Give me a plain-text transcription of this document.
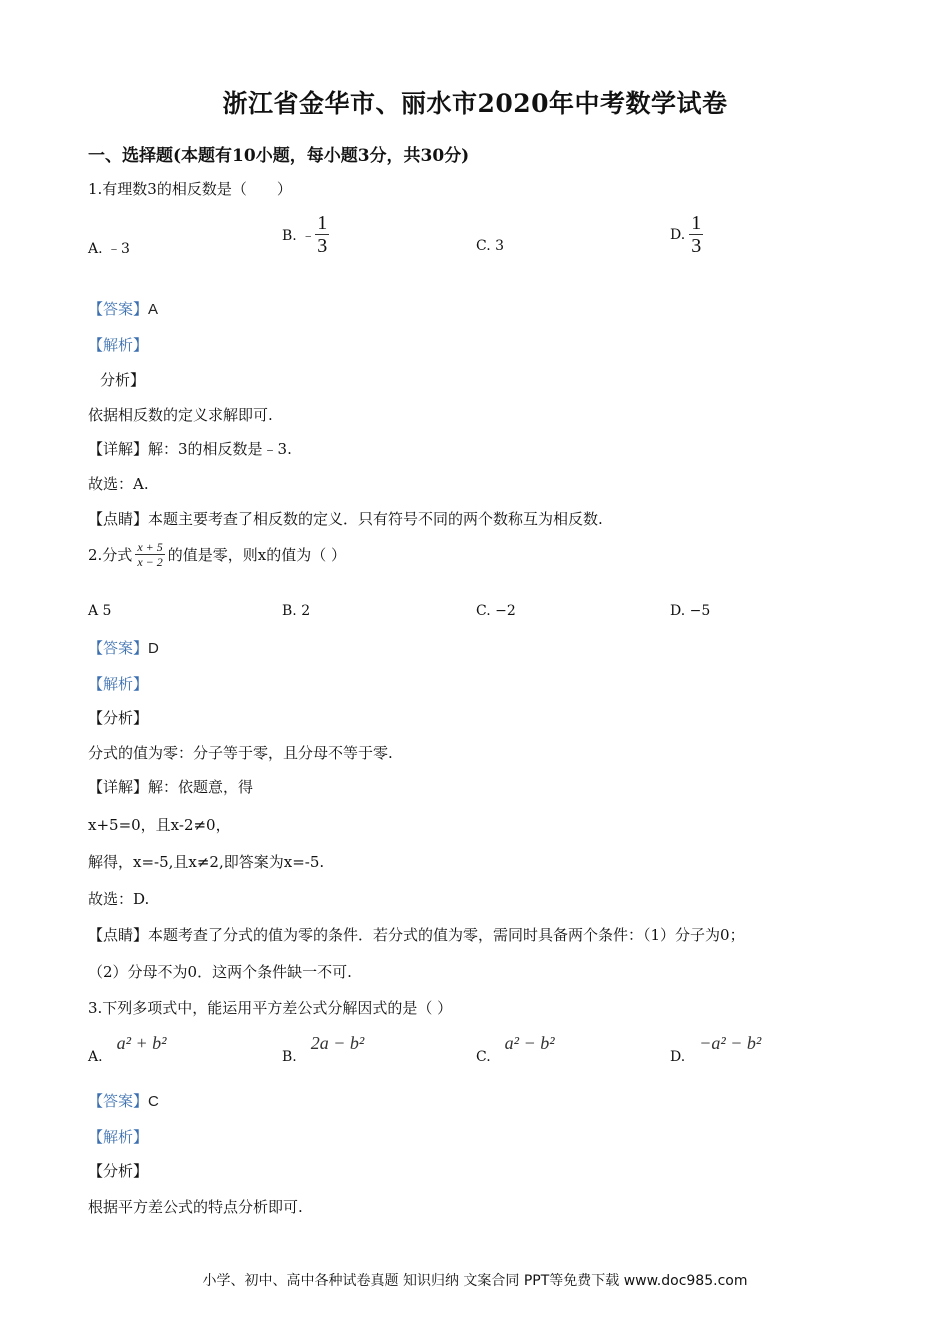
浙江省金华市、丽水市2020年中考数学试卷
一、选择题(本题有10小题，每小题3分，共30分)
1.有理数3的相反数是（　　）
A. ﹣3
B. ﹣ $\frac{1}{3}$	C. 3
D. $\frac{1}{3}$
【答案】A
【解析】
分析】
依据相反数的定义求解即可.
【详解】解：3的相反数是﹣3.
故选：A.
【点睛】本题主要考查了相反数的定义．只有符号不同的两个数称互为相反数.
2.分式 $\frac{x + 5}{x - 2}$ 的值是零，则x的值为（ ）
A 5	B. 2	C. −2	D. −5
【答案】D
【解析】
【分析】
分式的值为零：分子等于零，且分母不等于零.
【详解】解：依题意，得
x+5=0，且x-2≠0，
解得，x=-5,且x≠2,即答案为x=-5.
故选：D.
【点睛】本题考查了分式的值为零的条件．若分式的值为零，需同时具备两个条件：（1）分子为0；
（2）分母不为0．这两个条件缺一不可.
3.下列多项式中，能运用平方差公式分解因式的是（ ）
A.
a² + b²
B.
2a − b²
C.
a² − b²
D.
−a² − b²
【答案】C
【解析】
【分析】
根据平方差公式的特点分析即可.
小学、初中、高中各种试卷真题 知识归纳 文案合同 PPT等免费下载 www.doc985.com
